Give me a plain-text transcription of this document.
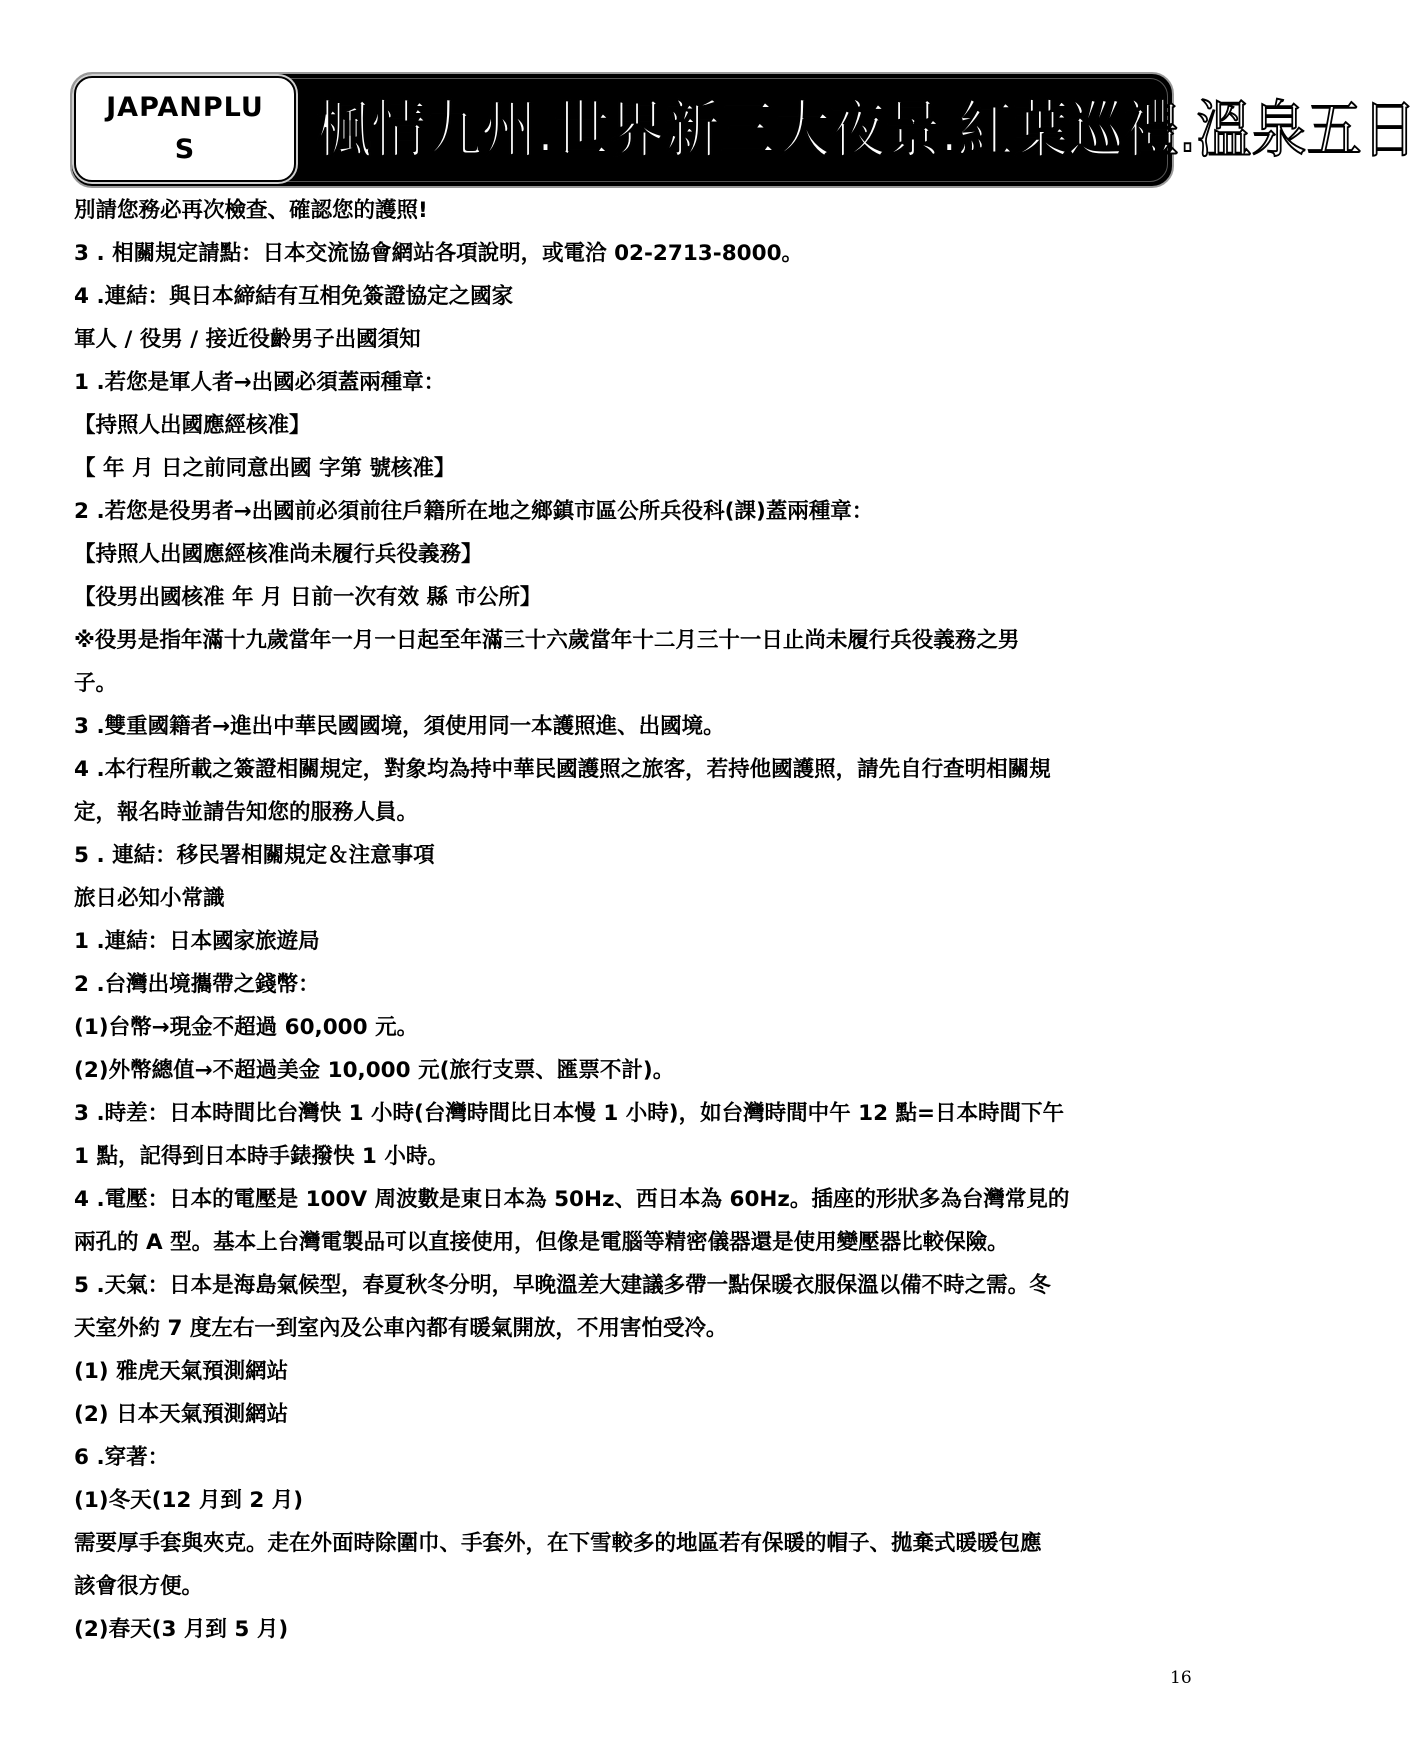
JAPANPLUS	楓情九州.世界新三大夜景.紅葉巡禮.溫泉五日
別請您務必再次檢查、確認您的護照!
3 . 相關規定請點：日本交流協會網站各項說明，或電洽 02-2713-8000。
4 .連結：與日本締結有互相免簽證協定之國家
軍人 / 役男 / 接近役齡男子出國須知
1 .若您是軍人者→出國必須蓋兩種章：
【持照人出國應經核准】
【 年 月 日之前同意出國 字第 號核准】
2 .若您是役男者→出國前必須前往戶籍所在地之鄉鎮市區公所兵役科(課)蓋兩種章：
【持照人出國應經核准尚未履行兵役義務】
【役男出國核准 年 月 日前一次有效 縣 市公所】
※役男是指年滿十九歲當年一月一日起至年滿三十六歲當年十二月三十一日止尚未履行兵役義務之男
子。
3 .雙重國籍者→進出中華民國國境，須使用同一本護照進、出國境。
4 .本行程所載之簽證相關規定，對象均為持中華民國護照之旅客，若持他國護照，請先自行查明相關規
定，報名時並請告知您的服務人員。
5 . 連結：移民署相關規定＆注意事項
旅日必知小常識
1 .連結：日本國家旅遊局
2 .台灣出境攜帶之錢幣：
(1)台幣→現金不超過 60,000 元。
(2)外幣總值→不超過美金 10,000 元(旅行支票、匯票不計)。
3 .時差：日本時間比台灣快 1 小時(台灣時間比日本慢 1 小時)，如台灣時間中午 12 點=日本時間下午
1 點，記得到日本時手錶撥快 1 小時。
4 .電壓：日本的電壓是 100V 周波數是東日本為 50Hz、西日本為 60Hz。插座的形狀多為台灣常見的
兩孔的 A 型。基本上台灣電製品可以直接使用，但像是電腦等精密儀器還是使用變壓器比較保險。
5 .天氣：日本是海島氣候型，春夏秋冬分明，早晚溫差大建議多帶一點保暖衣服保溫以備不時之需。冬
天室外約 7 度左右一到室內及公車內都有暖氣開放，不用害怕受冷。
(1) 雅虎天氣預測網站
(2) 日本天氣預測網站
6 .穿著：
(1)冬天(12 月到 2 月)
需要厚手套與夾克。走在外面時除圍巾、手套外，在下雪較多的地區若有保暖的帽子、拋棄式暖暖包應
該會很方便。
(2)春天(3 月到 5 月)
16
